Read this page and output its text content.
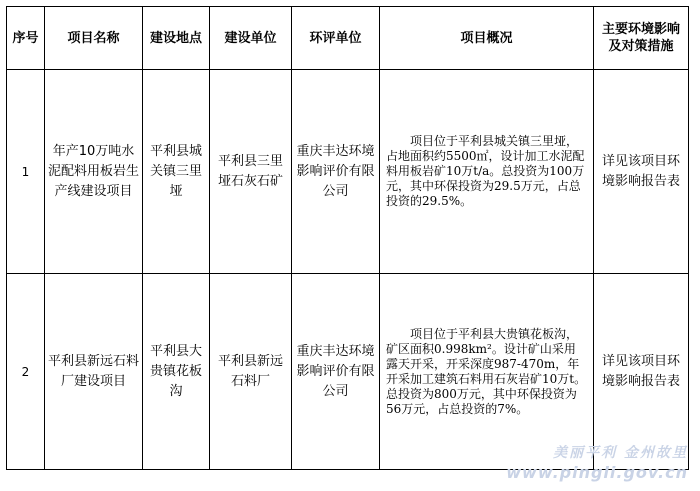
序号	项目名称	建设地点	建设单位	环评单位	项目概况	主要环境影响及对策措施
1	年产10万吨水泥配料用板岩生产线建设项目	平利县城关镇三里垭	平利县三里垭石灰石矿	重庆丰达环境影响评价有限公司	项目位于平利县城关镇三里垭，占地面积约5500㎡，设计加工水泥配料用板岩矿10万t/a。总投资为100万元，其中环保投资为29.5万元，占总投资的29.5%。	详见该项目环境影响报告表
2	平利县新远石料厂建设项目	平利县大贵镇花板沟	平利县新远石料厂	重庆丰达环境影响评价有限公司	项目位于平利县大贵镇花板沟，矿区面积0.998km²。设计矿山采用露天开采，开采深度987-470m，年开采加工建筑石料用石灰岩矿10万t。总投资为800万元，其中环保投资为56万元，占总投资的7%。	详见该项目环境影响报告表
美丽平利 金州故里
www.pingli.gov.cn
